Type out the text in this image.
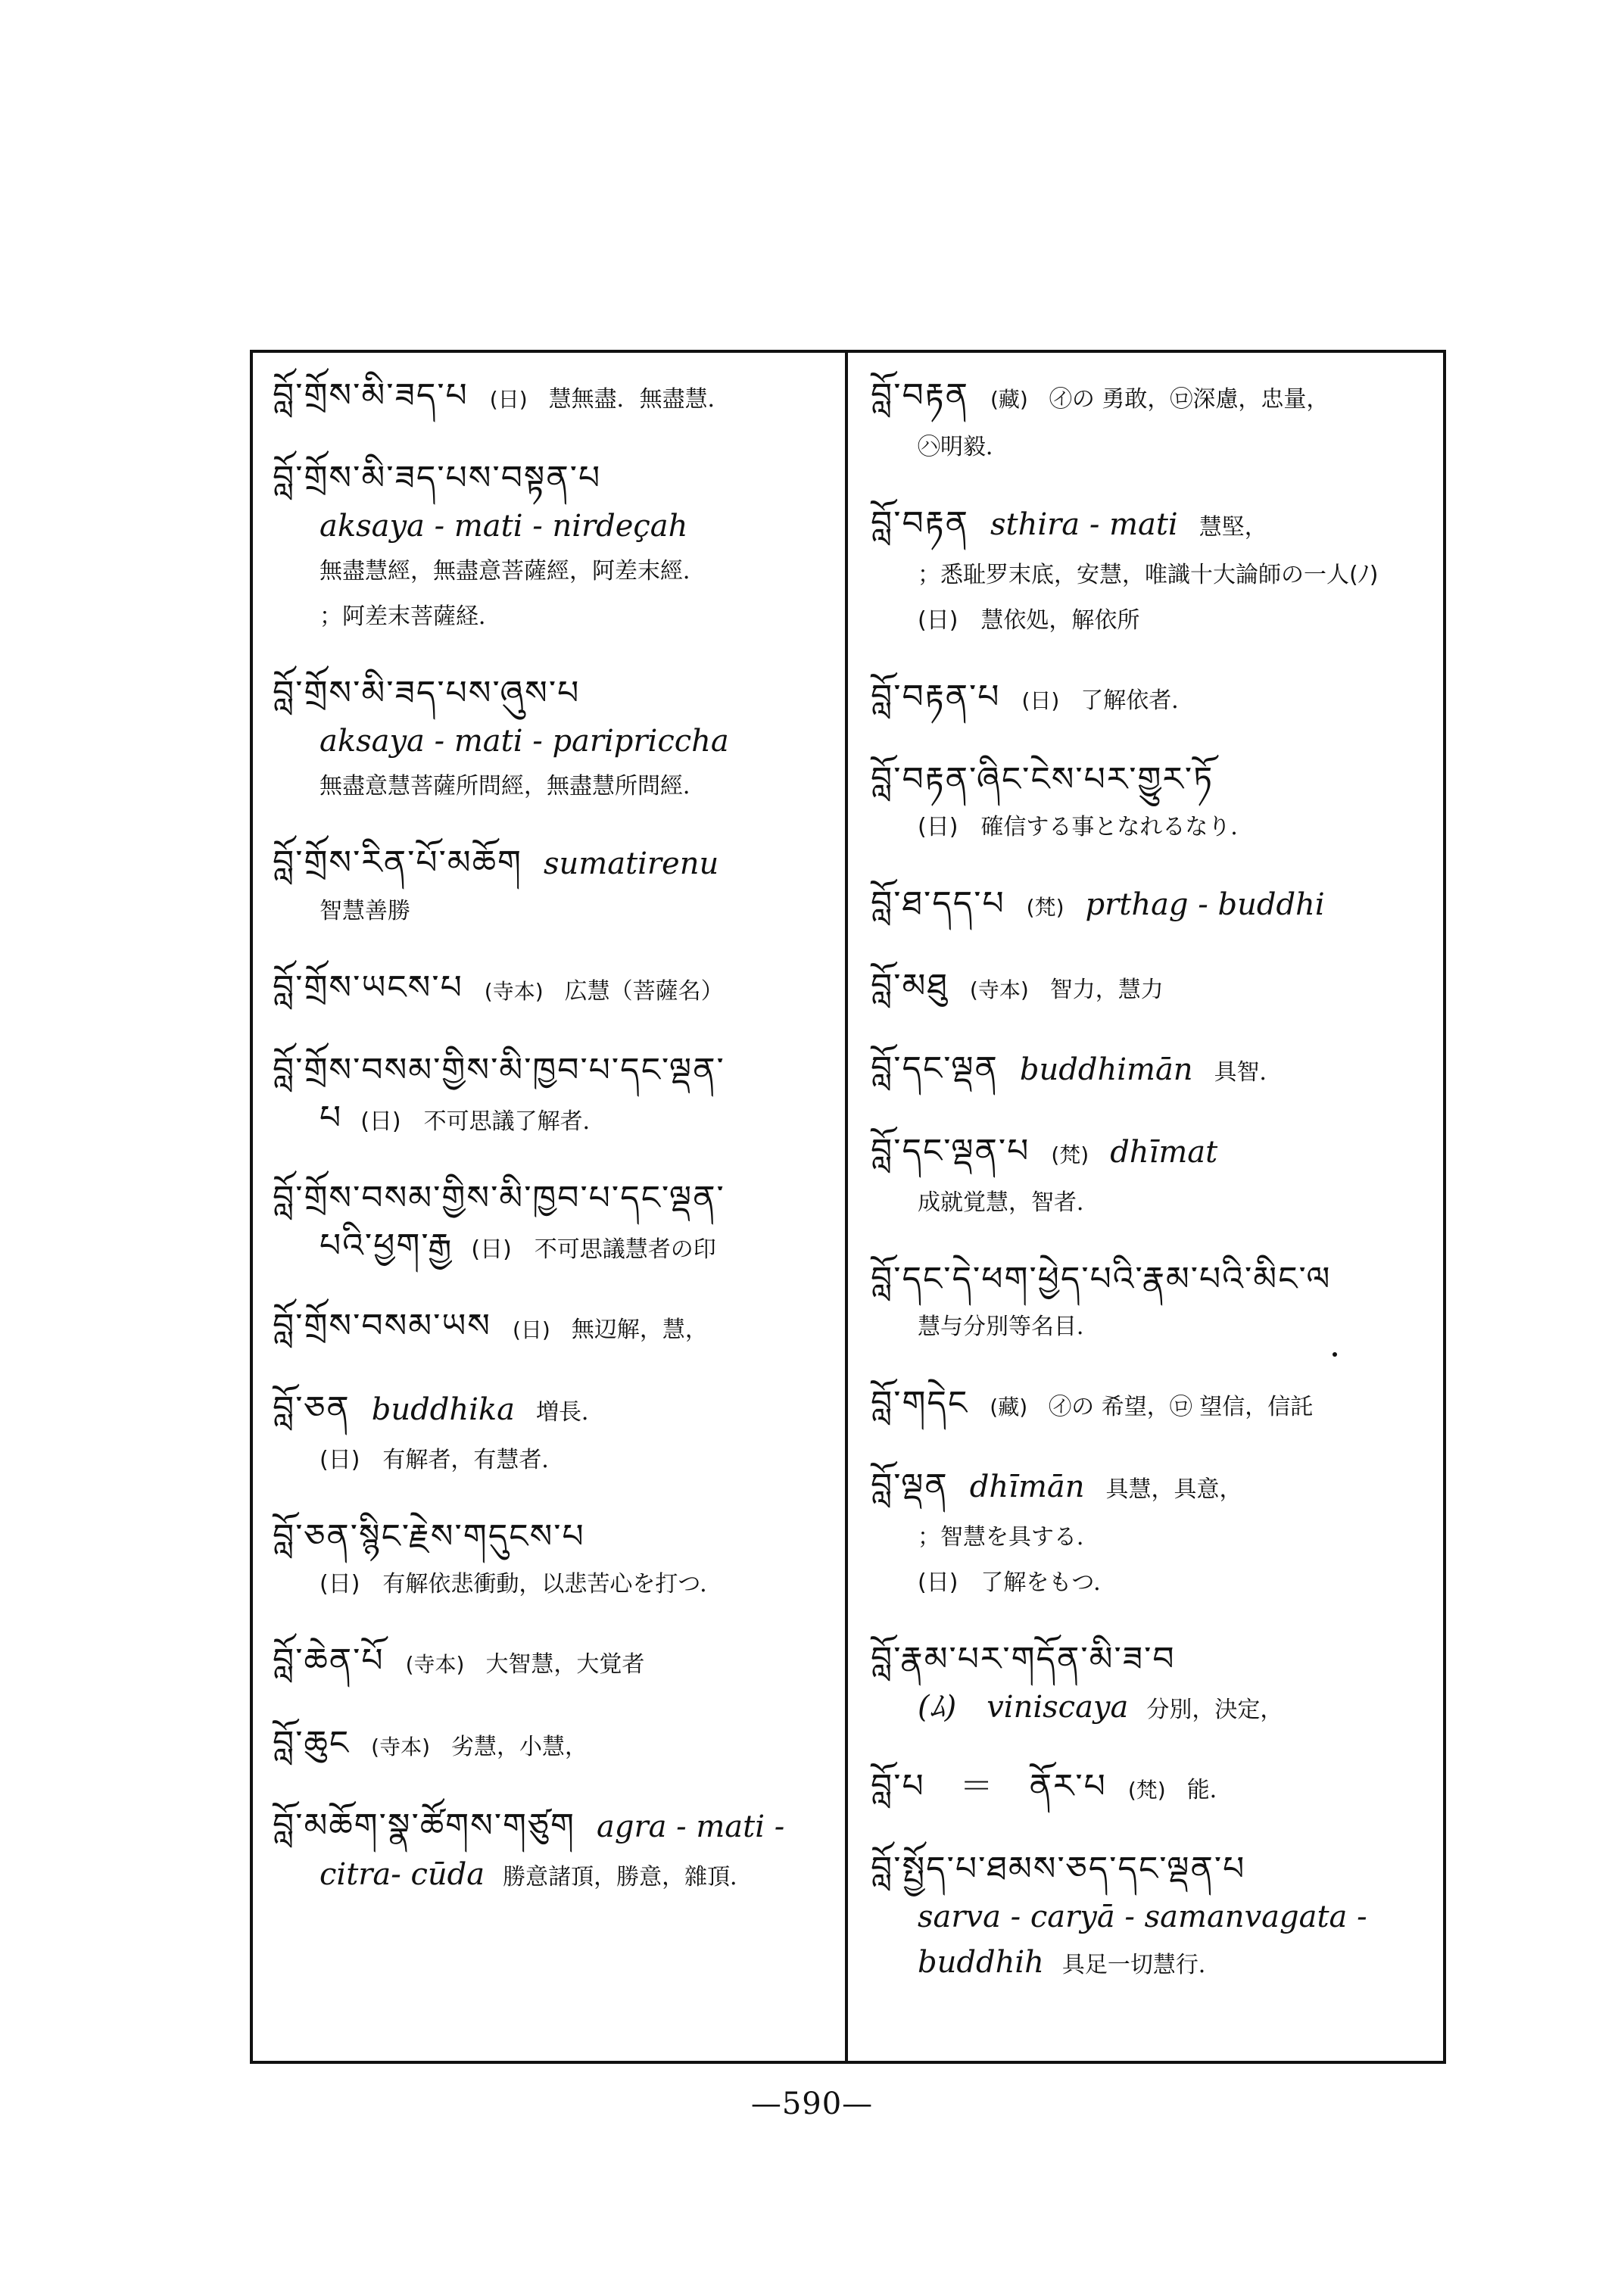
བློ་གྲོས་མི་ཟད་པ (日) 慧無盡．無盡慧．
བློ་གྲོས་མི་ཟད་པས་བསྟན་པ
aksaya - mati - nirdeçah
無盡慧經，無盡意菩薩經，阿差末經．
；阿差末菩薩経．
བློ་གྲོས་མི་ཟད་པས་ཞུས་པ
aksaya - mati - paripriccha
無盡意慧菩薩所問經，無盡慧所問經．
བློ་གྲོས་རིན་པོ་མཆོག sumatirenu
智慧善勝
བློ་གྲོས་ཡངས་པ (寺本) 広慧（菩薩名）
བློ་གྲོས་བསམ་གྱིས་མི་ཁྱབ་པ་དང་ལྡན་
པ (日)　不可思議了解者．
བློ་གྲོས་བསམ་གྱིས་མི་ཁྱབ་པ་དང་ལྡན་
པའི་ཕྱག་རྒྱ (日)　不可思議慧者の印
བློ་གྲོས་བསམ་ཡས (日) 無辺解，慧，
བློ་ཅན buddhika 増長．
(日)　有解者，有慧者．
བློ་ཅན་སྙིང་རྗེས་གདུངས་པ
(日)　有解依悲衝動，以悲苦心を打つ．
བློ་ཆེན་པོ (寺本) 大智慧，大覚者
བློ་ཆུང (寺本) 劣慧，小慧，
བློ་མཆོག་སྣ་ཚོགས་གཙུག agra - mati -
citra- cūda 勝意諸頂，勝意，雜頂．
བློ་བརྟན (藏) ㋑の 勇敢，㋺深慮，忠量，
㋩明毅．
བློ་བརྟན sthira - mati 慧堅，
；悉耻罗末底，安慧，唯識十大論師の一人(ﾉ)
(日)　慧依処，解依所
བློ་བརྟན་པ (日) 了解依者．
བློ་བརྟན་ཞིང་ངེས་པར་གྱུར་ཏོ
(日)　確信する事となれるなり．
བློ་ཐ་དད་པ (梵) prthag - buddhi
བློ་མཐུ (寺本) 智力，慧力
བློ་དང་ལྡན buddhimān 具智．
བློ་དང་ལྡན་པ (梵) dhīmat
成就覚慧，智者．
བློ་དང་དེ་ཕག་ཕྱེད་པའི་རྣམ་པའི་མིང་ལ
慧与分別等名目．
བློ་གདེང (藏) ㋑の 希望，㋺ 望信，信託
བློ་ལྡན dhīmān 具慧，具意，
；智慧を具する．
(日)　了解をもつ．
བློ་རྣམ་པར་གདོན་མི་ཟ་བ
(ﾑ)　viniscaya 分別，決定，
བློ་པ　＝　ནོར་པ (梵) 能．
བློ་སྤྱོད་པ་ཐམས་ཅད་དང་ལྡན་པ
sarva - caryā - samanvagata -
buddhih 具足一切慧行．
—590—
